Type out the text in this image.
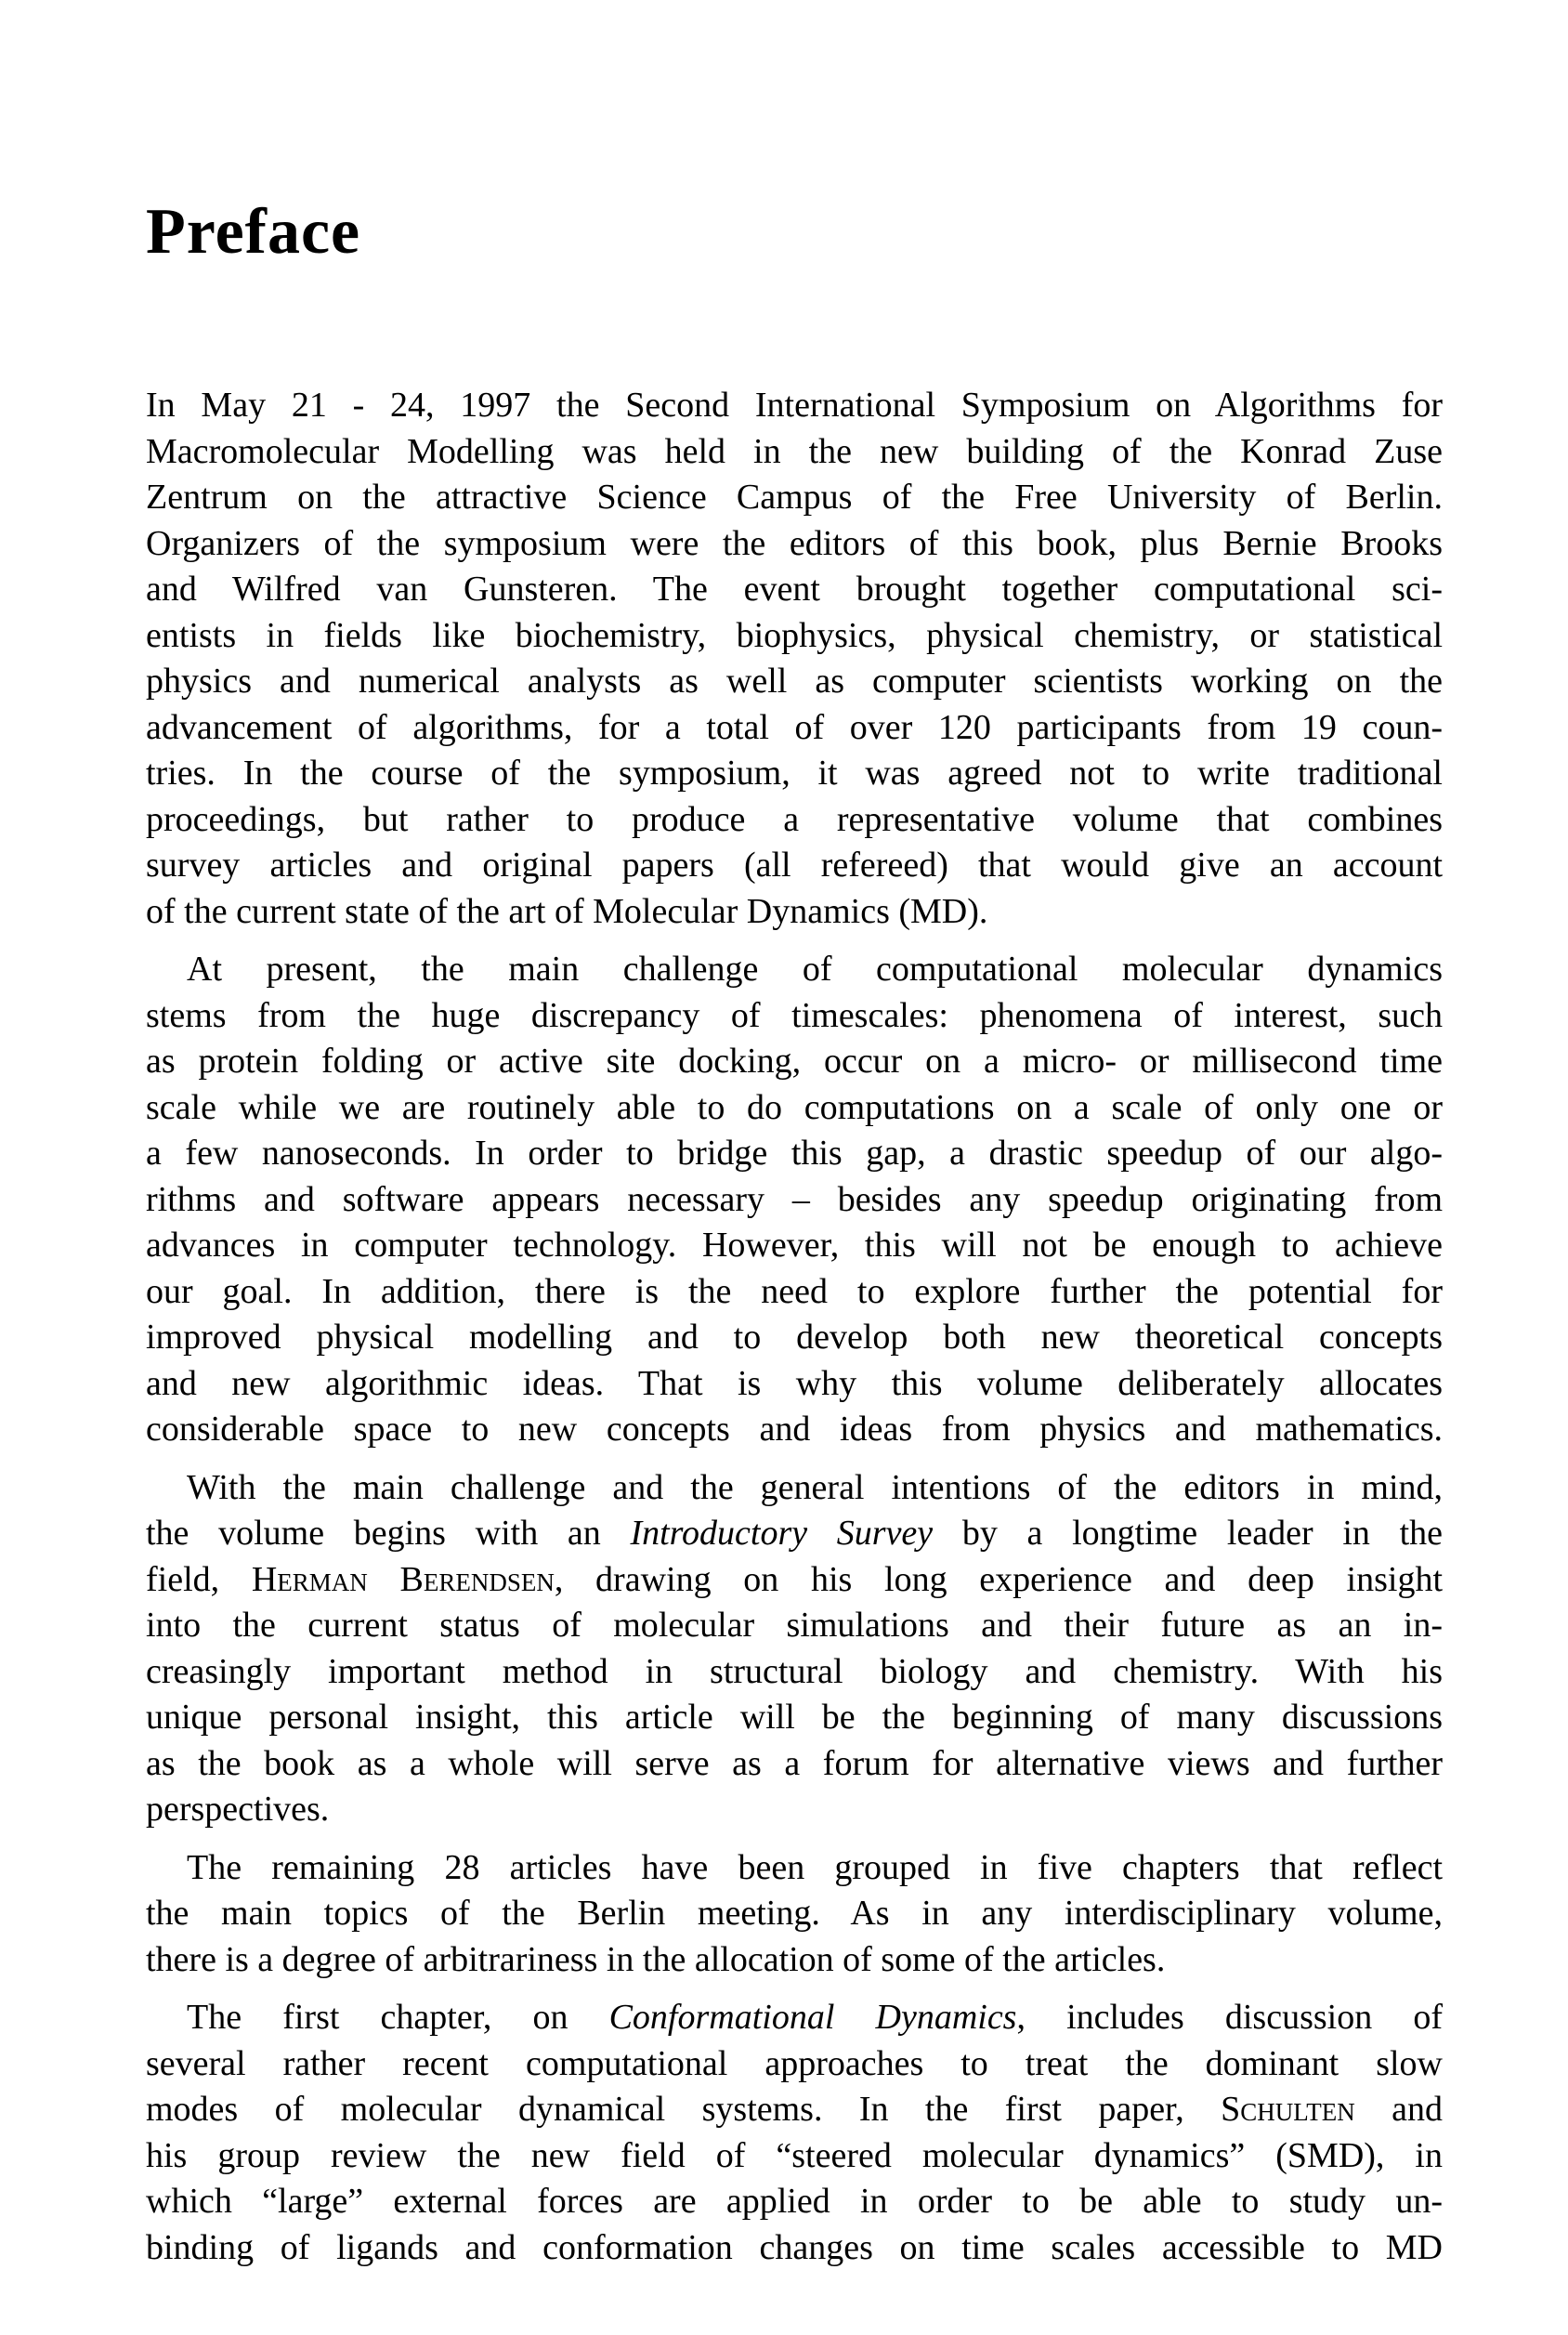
Preface
In May 21 - 24, 1997 the Second International Symposium on Algorithms for
Macromolecular Modelling was held in the new building of the Konrad Zuse
Zentrum on the attractive Science Campus of the Free University of Berlin.
Organizers of the symposium were the editors of this book, plus Bernie Brooks
and Wilfred van Gunsteren. The event brought together computational sci-
entists in fields like biochemistry, biophysics, physical chemistry, or statistical
physics and numerical analysts as well as computer scientists working on the
advancement of algorithms, for a total of over 120 participants from 19 coun-
tries. In the course of the symposium, it was agreed not to write traditional
proceedings, but rather to produce a representative volume that combines
survey articles and original papers (all refereed) that would give an account
of the current state of the art of Molecular Dynamics (MD).
At present, the main challenge of computational molecular dynamics
stems from the huge discrepancy of timescales: phenomena of interest, such
as protein folding or active site docking, occur on a micro- or millisecond time
scale while we are routinely able to do computations on a scale of only one or
a few nanoseconds. In order to bridge this gap, a drastic speedup of our algo-
rithms and software appears necessary – besides any speedup originating from
advances in computer technology. However, this will not be enough to achieve
our goal. In addition, there is the need to explore further the potential for
improved physical modelling and to develop both new theoretical concepts
and new algorithmic ideas. That is why this volume deliberately allocates
considerable space to new concepts and ideas from physics and mathematics.
With the main challenge and the general intentions of the editors in mind,
the volume begins with an Introductory Survey by a longtime leader in the
field, Herman Berendsen, drawing on his long experience and deep insight
into the current status of molecular simulations and their future as an in-
creasingly important method in structural biology and chemistry. With his
unique personal insight, this article will be the beginning of many discussions
as the book as a whole will serve as a forum for alternative views and further
perspectives.
The remaining 28 articles have been grouped in five chapters that reflect
the main topics of the Berlin meeting. As in any interdisciplinary volume,
there is a degree of arbitrariness in the allocation of some of the articles.
The first chapter, on Conformational Dynamics, includes discussion of
several rather recent computational approaches to treat the dominant slow
modes of molecular dynamical systems. In the first paper, Schulten and
his group review the new field of “steered molecular dynamics” (SMD), in
which “large” external forces are applied in order to be able to study un-
binding of ligands and conformation changes on time scales accessible to MD
